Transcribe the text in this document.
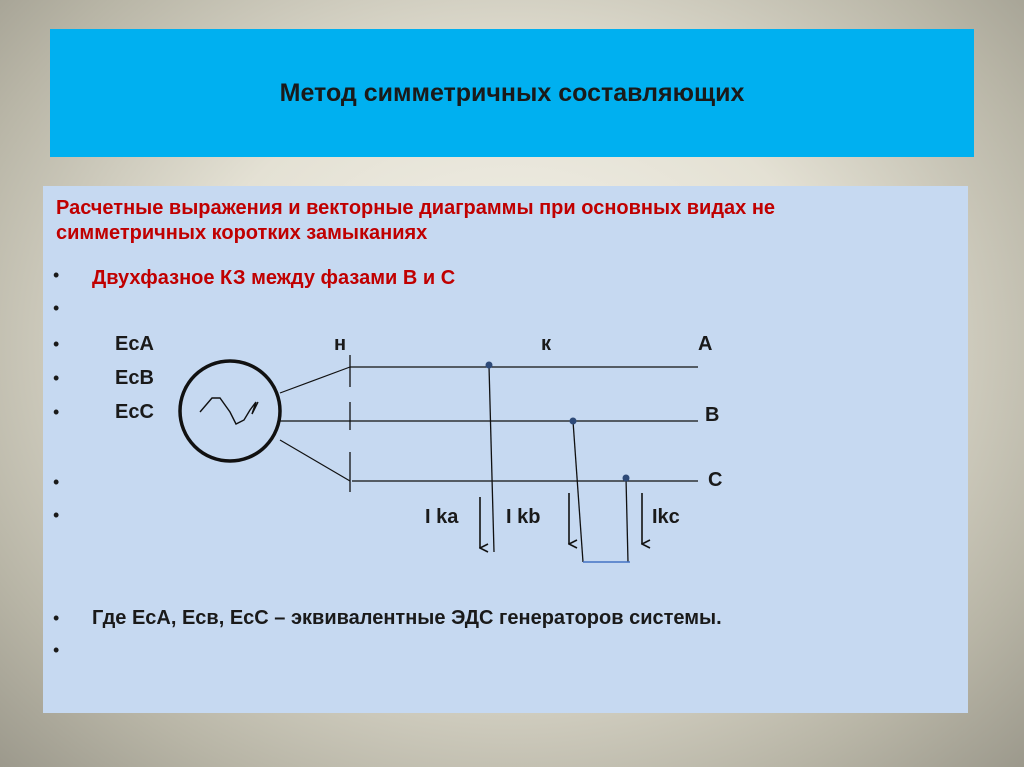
Метод симметричных составляющих
Расчетные выражения и векторные диаграммы при основных видах не
симметричных коротких замыканиях
• Двухфазное КЗ между фазами В и С
•
•
•
•
•
•
•
•
EcA
EcB
EcC
н	к	A
B
C
I ka I kb	Ikc
Где EcA, Ecв, EcC – эквивалентные ЭДС генераторов системы.
